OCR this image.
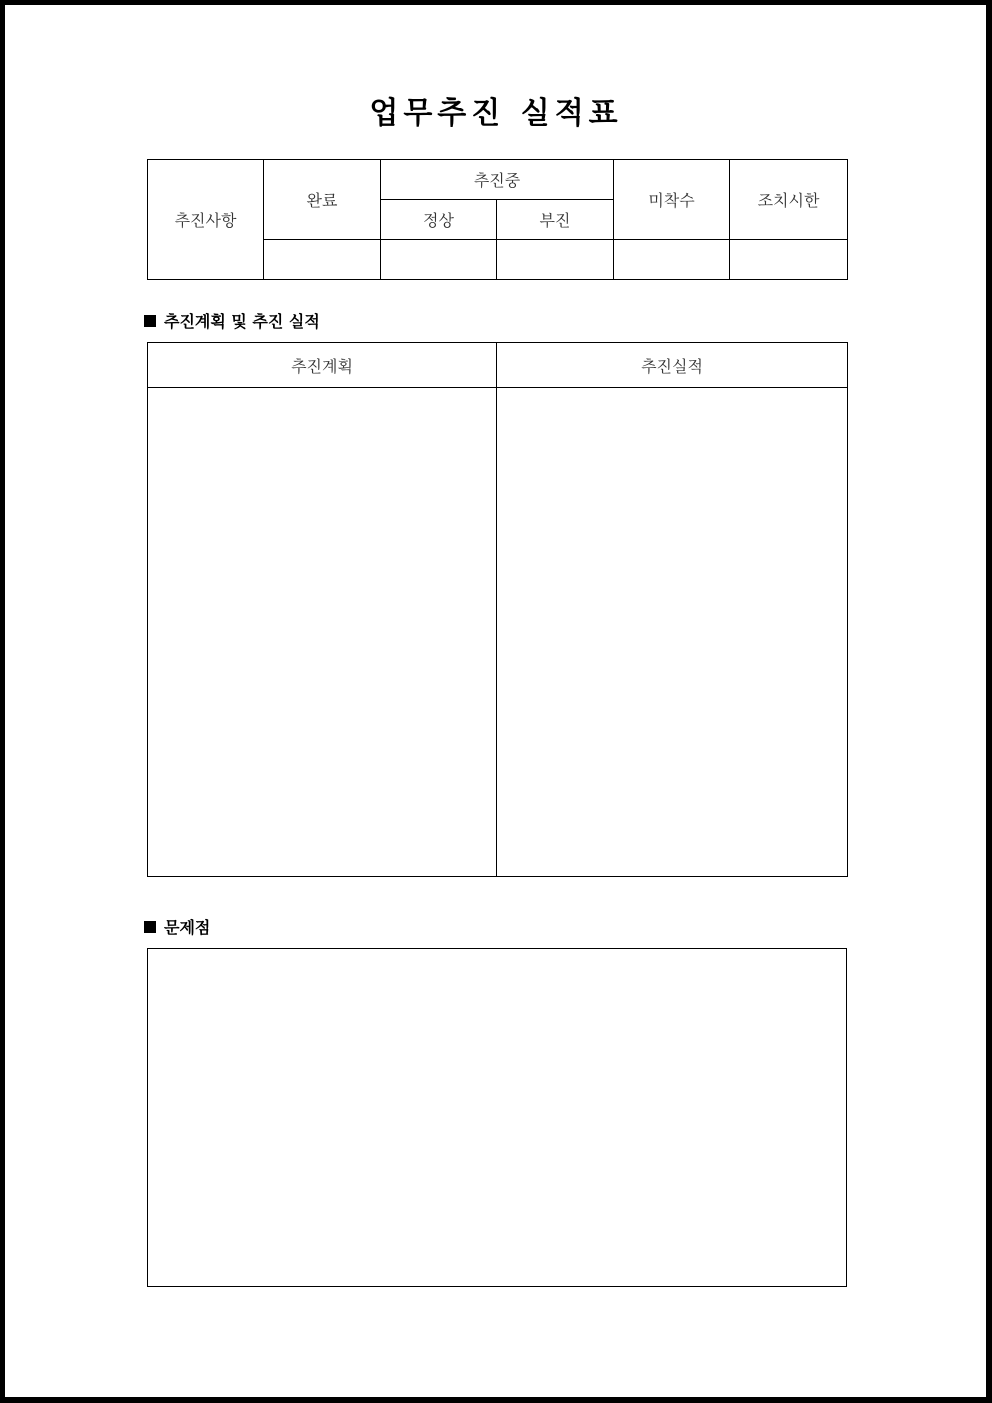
업무추진 실적표
추진사항	완료	추진중		미착수	조치시한
		정상	부진		

추진계획 및 추진 실적
추진계획	추진실적

문제점
